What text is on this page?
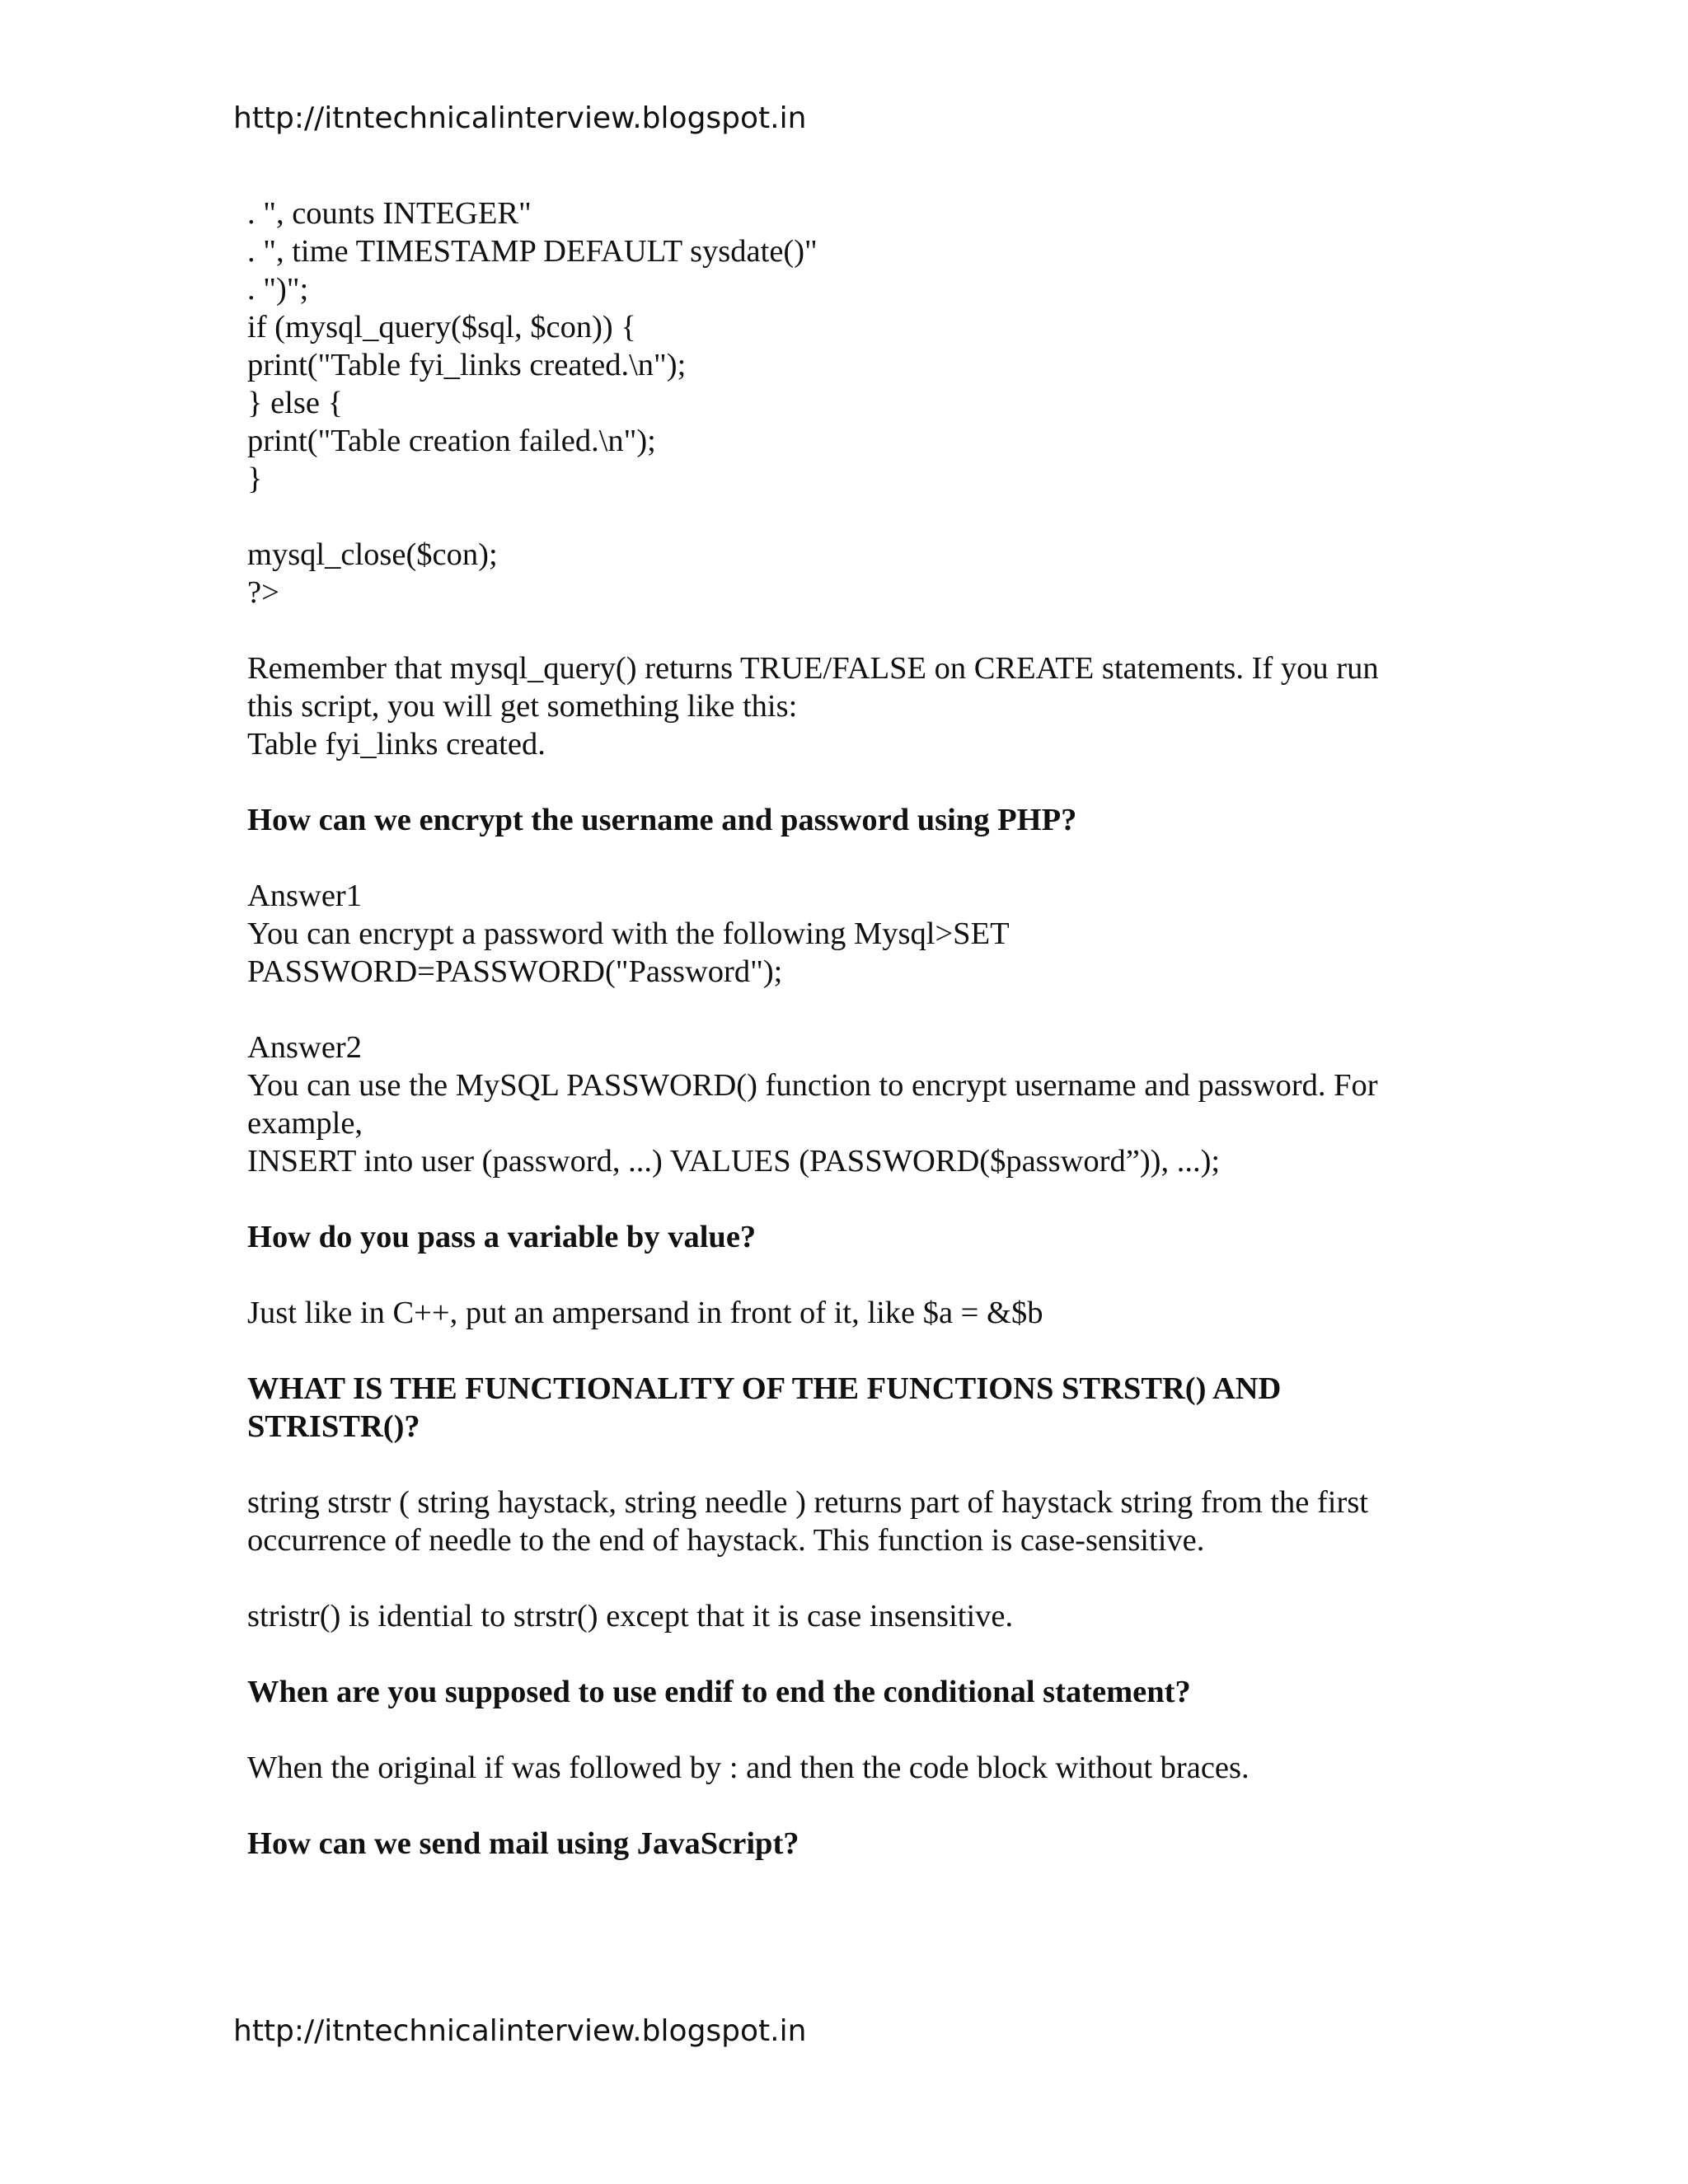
http://itntechnicalinterview.blogspot.in
. ", counts INTEGER"
. ", time TIMESTAMP DEFAULT sysdate()"
. ")";
if (mysql_query($sql, $con)) {
print("Table fyi_links created.\n");
} else {
print("Table creation failed.\n");
}
mysql_close($con);
?>
Remember that mysql_query() returns TRUE/FALSE on CREATE statements. If you run
this script, you will get something like this:
Table fyi_links created.
How can we encrypt the username and password using PHP?
Answer1
You can encrypt a password with the following Mysql>SET
PASSWORD=PASSWORD("Password");
Answer2
You can use the MySQL PASSWORD() function to encrypt username and password. For
example,
INSERT into user (password, ...) VALUES (PASSWORD($password”)), ...);
How do you pass a variable by value?
Just like in C++, put an ampersand in front of it, like $a = &$b
WHAT IS THE FUNCTIONALITY OF THE FUNCTIONS STRSTR() AND
STRISTR()?
string strstr ( string haystack, string needle ) returns part of haystack string from the first
occurrence of needle to the end of haystack. This function is case-sensitive.
stristr() is idential to strstr() except that it is case insensitive.
When are you supposed to use endif to end the conditional statement?
When the original if was followed by : and then the code block without braces.
How can we send mail using JavaScript?
http://itntechnicalinterview.blogspot.in
